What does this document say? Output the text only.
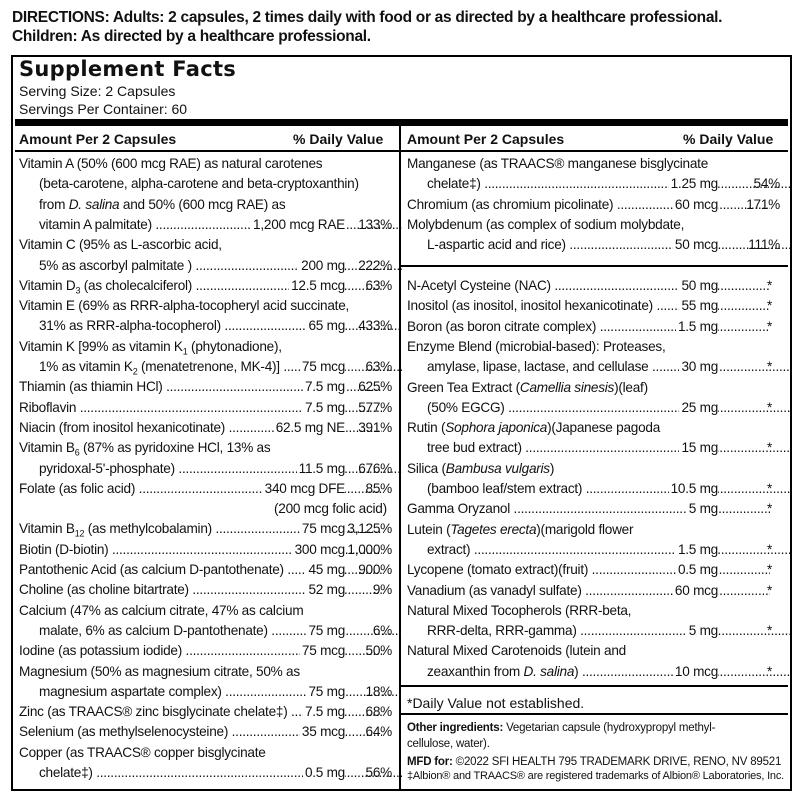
DIRECTIONS: Adults: 2 capsules, 2 times daily with food or as directed by a healthcare professional.
Children: As directed by a healthcare professional.
Supplement Facts
Serving Size: 2 Capsules
Servings Per Container: 60
Amount Per 2 Capsules	% Daily Value Amount Per 2 Capsules	% Daily Value
Vitamin A (50% (600 mcg RAE) as natural carotenes
(beta-carotene, alpha-carotene and beta-cryptoxanthin)
from D. salina and 50% (600 mcg RAE) as
vitamin A palmitate) .....	1,200 mcg RAE 133%
Vitamin C (95% as L-ascorbic acid,
5% as ascorbyl palmitate ) .....	200 mg 222%
Vitamin $D_3$ (as cholecalciferol) .....	12.5 mcg 63%
Vitamin E (69% as RRR-alpha-tocopheryl acid succinate,
31% as RRR-alpha-tocopherol) .....	65 mg 433%
Vitamin K [99% as vitamin $K_1$ (phytonadione),
1% as vitamin $K_2$ (menatetrenone, MK-4)] .....	75 mcg 63%
Thiamin (as thiamin HCl) .....	7.5 mg 625%
Riboflavin .....	7.5 mg 577%
Niacin (from inositol hexanicotinate) .....	62.5 mg NE 391%
Vitamin $B_6$ (87% as pyridoxine HCl, 13% as
pyridoxal-5'-phosphate) .....	11.5 mg 676%
Folate (as folic acid) .....	340 mcg DFE 85%
(200 mcg folic acid)
Vitamin $B_{12}$ (as methylcobalamin) .....	75 mcg 3,125%
Biotin (D-biotin) .....	300 mcg 1,000%
Pantothenic Acid (as calcium D-pantothenate) .....	45 mg 900%
Choline (as choline bitartrate) .....	52 mg 9%
Calcium (47% as calcium citrate, 47% as calcium
malate, 6% as calcium D-pantothenate) .....	75 mg 6%
Iodine (as potassium iodide) .....	75 mcg 50%
Magnesium (50% as magnesium citrate, 50% as
magnesium aspartate complex) .....	75 mg 18%
Zinc (as TRAACS® zinc bisglycinate chelate‡) .....	7.5 mg 68%
Selenium (as methylselenocysteine) .....	35 mcg 64%
Copper (as TRAACS® copper bisglycinate
chelate‡) .....	0.5 mg 56%
Manganese (as TRAACS® manganese bisglycinate
chelate‡) .....	1.25 mg	54%
Chromium (as chromium picolinate) .....	60 mcg 171%
Molybdenum (as complex of sodium molybdate,
L-aspartic acid and rice) .....	50 mcg 111%
N-Acetyl Cysteine (NAC) .....	50 mg	*
Inositol (as inositol, inositol hexanicotinate) .....	55 mg	*
Boron (as boron citrate complex) .....	1.5 mg	*
Enzyme Blend (microbial-based): Proteases,
amylase, lipase, lactase, and cellulase .....	30 mg	*
Green Tea Extract (Camellia sinesis)(leaf)
(50% EGCG) .....	25 mg	*
Rutin (Sophora japonica)(Japanese pagoda
tree bud extract) .....	15 mg	*
Silica (Bambusa vulgaris)
(bamboo leaf/stem extract) .....	10.5 mg	*
Gamma Oryzanol .....	5 mg	*
Lutein (Tagetes erecta)(marigold flower
extract) .....	1.5 mg	*
Lycopene (tomato extract)(fruit) .....	0.5 mg	*
Vanadium (as vanadyl sulfate) .....	60 mcg	*
Natural Mixed Tocopherols (RRR-beta,
RRR-delta, RRR-gamma) .....	5 mg	*
Natural Mixed Carotenoids (lutein and
zeaxanthin from D. salina) .....	10 mcg	*
*Daily Value not established.
Other ingredients: Vegetarian capsule (hydroxypropyl methyl-
cellulose, water).
MFD for: ©2022 SFI HEALTH 795 TRADEMARK DRIVE, RENO, NV 89521
‡Albion® and TRAACS® are registered trademarks of Albion® Laboratories, Inc.
